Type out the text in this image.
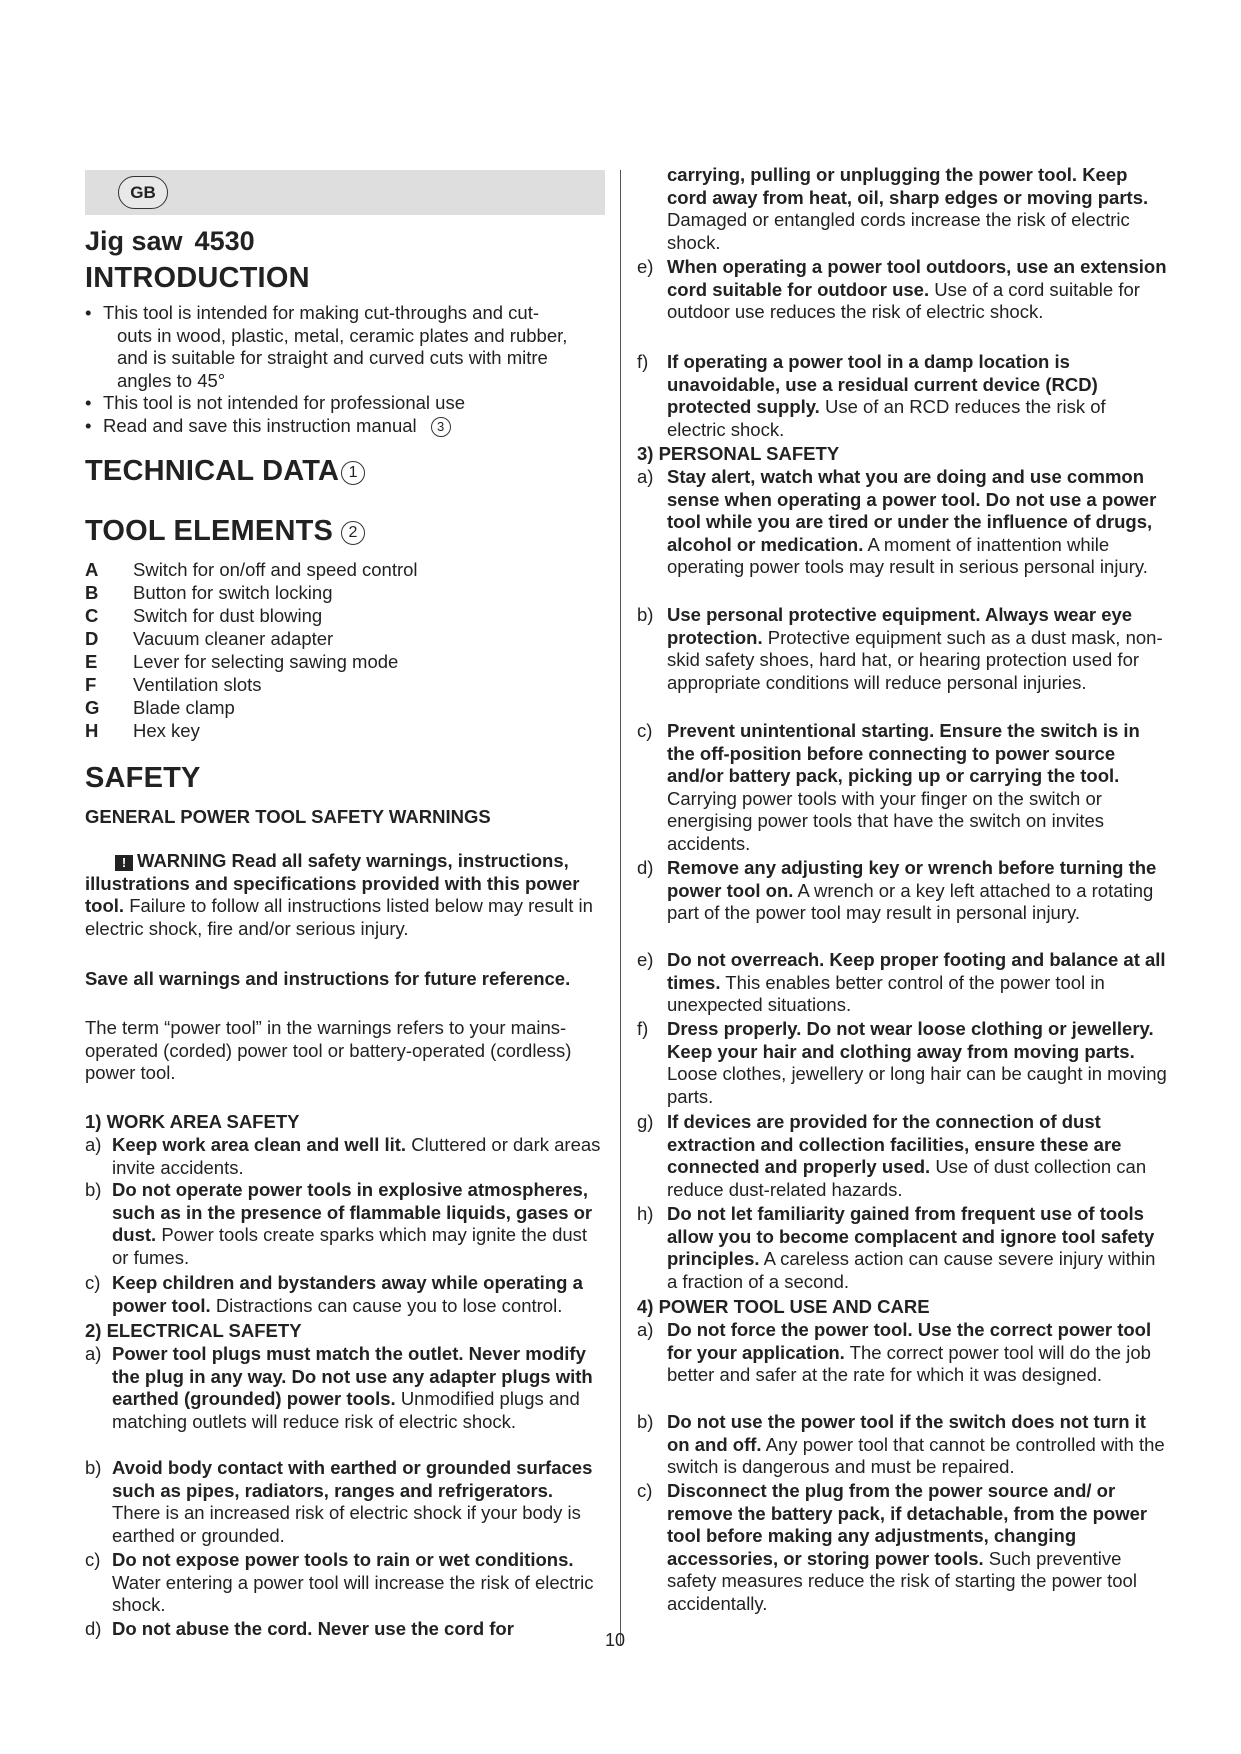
GB
Jig saw 4530
INTRODUCTION
• This tool is intended for making cut-throughs and cut-
outs in wood, plastic, metal, ceramic plates and rubber,
and is suitable for straight and curved cuts with mitre
angles to 45°
• This tool is not intended for professional use
• Read and save this instruction manual 3
TECHNICAL DATA 1
TOOL ELEMENTS 2
A	Switch for on/off and speed control
B	Button for switch locking
C	Switch for dust blowing
D	Vacuum cleaner adapter
E	Lever for selecting sawing mode
F	Ventilation slots
G	Blade clamp
H	Hex key
SAFETY
GENERAL POWER TOOL SAFETY WARNINGS
! WARNING Read all safety warnings, instructions, illustrations and specifications provided with this power tool. Failure to follow all instructions listed below may result in electric shock, fire and/or serious injury.
Save all warnings and instructions for future reference.
The term “power tool” in the warnings refers to your mains-operated (corded) power tool or battery-operated (cordless) power tool.
1) WORK AREA SAFETY
a) Keep work area clean and well lit. Cluttered or dark areas invite accidents.
b) Do not operate power tools in explosive atmospheres, such as in the presence of flammable liquids, gases or dust. Power tools create sparks which may ignite the dust or fumes.
c) Keep children and bystanders away while operating a power tool. Distractions can cause you to lose control.
2) ELECTRICAL SAFETY
a) Power tool plugs must match the outlet. Never modify the plug in any way. Do not use any adapter plugs with earthed (grounded) power tools. Unmodified plugs and matching outlets will reduce risk of electric shock.
b) Avoid body contact with earthed or grounded surfaces such as pipes, radiators, ranges and refrigerators. There is an increased risk of electric shock if your body is earthed or grounded.
c) Do not expose power tools to rain or wet conditions. Water entering a power tool will increase the risk of electric shock.
d) Do not abuse the cord. Never use the cord for
carrying, pulling or unplugging the power tool. Keep cord away from heat, oil, sharp edges or moving parts. Damaged or entangled cords increase the risk of electric shock.
e) When operating a power tool outdoors, use an extension cord suitable for outdoor use. Use of a cord suitable for outdoor use reduces the risk of electric shock.
f)	If operating a power tool in a damp location is unavoidable, use a residual current device (RCD) protected supply. Use of an RCD reduces the risk of electric shock.
3) PERSONAL SAFETY
a) Stay alert, watch what you are doing and use common sense when operating a power tool. Do not use a power tool while you are tired or under the influence of drugs, alcohol or medication. A moment of inattention while operating power tools may result in serious personal injury.
b) Use personal protective equipment. Always wear eye protection. Protective equipment such as a dust mask, non-skid safety shoes, hard hat, or hearing protection used for appropriate conditions will reduce personal injuries.
c) Prevent unintentional starting. Ensure the switch is in the off-position before connecting to power source and/or battery pack, picking up or carrying the tool. Carrying power tools with your finger on the switch or energising power tools that have the switch on invites accidents.
d) Remove any adjusting key or wrench before turning the power tool on. A wrench or a key left attached to a rotating part of the power tool may result in personal injury.
e) Do not overreach. Keep proper footing and balance at all times. This enables better control of the power tool in unexpected situations.
f)	Dress properly. Do not wear loose clothing or jewellery. Keep your hair and clothing away from moving parts. Loose clothes, jewellery or long hair can be caught in moving parts.
g) If devices are provided for the connection of dust extraction and collection facilities, ensure these are connected and properly used. Use of dust collection can reduce dust-related hazards.
h) Do not let familiarity gained from frequent use of tools allow you to become complacent and ignore tool safety principles. A careless action can cause severe injury within a fraction of a second.
4) POWER TOOL USE AND CARE
a) Do not force the power tool. Use the correct power tool for your application. The correct power tool will do the job better and safer at the rate for which it was designed.
b) Do not use the power tool if the switch does not turn it on and off. Any power tool that cannot be controlled with the switch is dangerous and must be repaired.
c) Disconnect the plug from the power source and/ or remove the battery pack, if detachable, from the power tool before making any adjustments, changing accessories, or storing power tools. Such preventive safety measures reduce the risk of starting the power tool accidentally.
10
